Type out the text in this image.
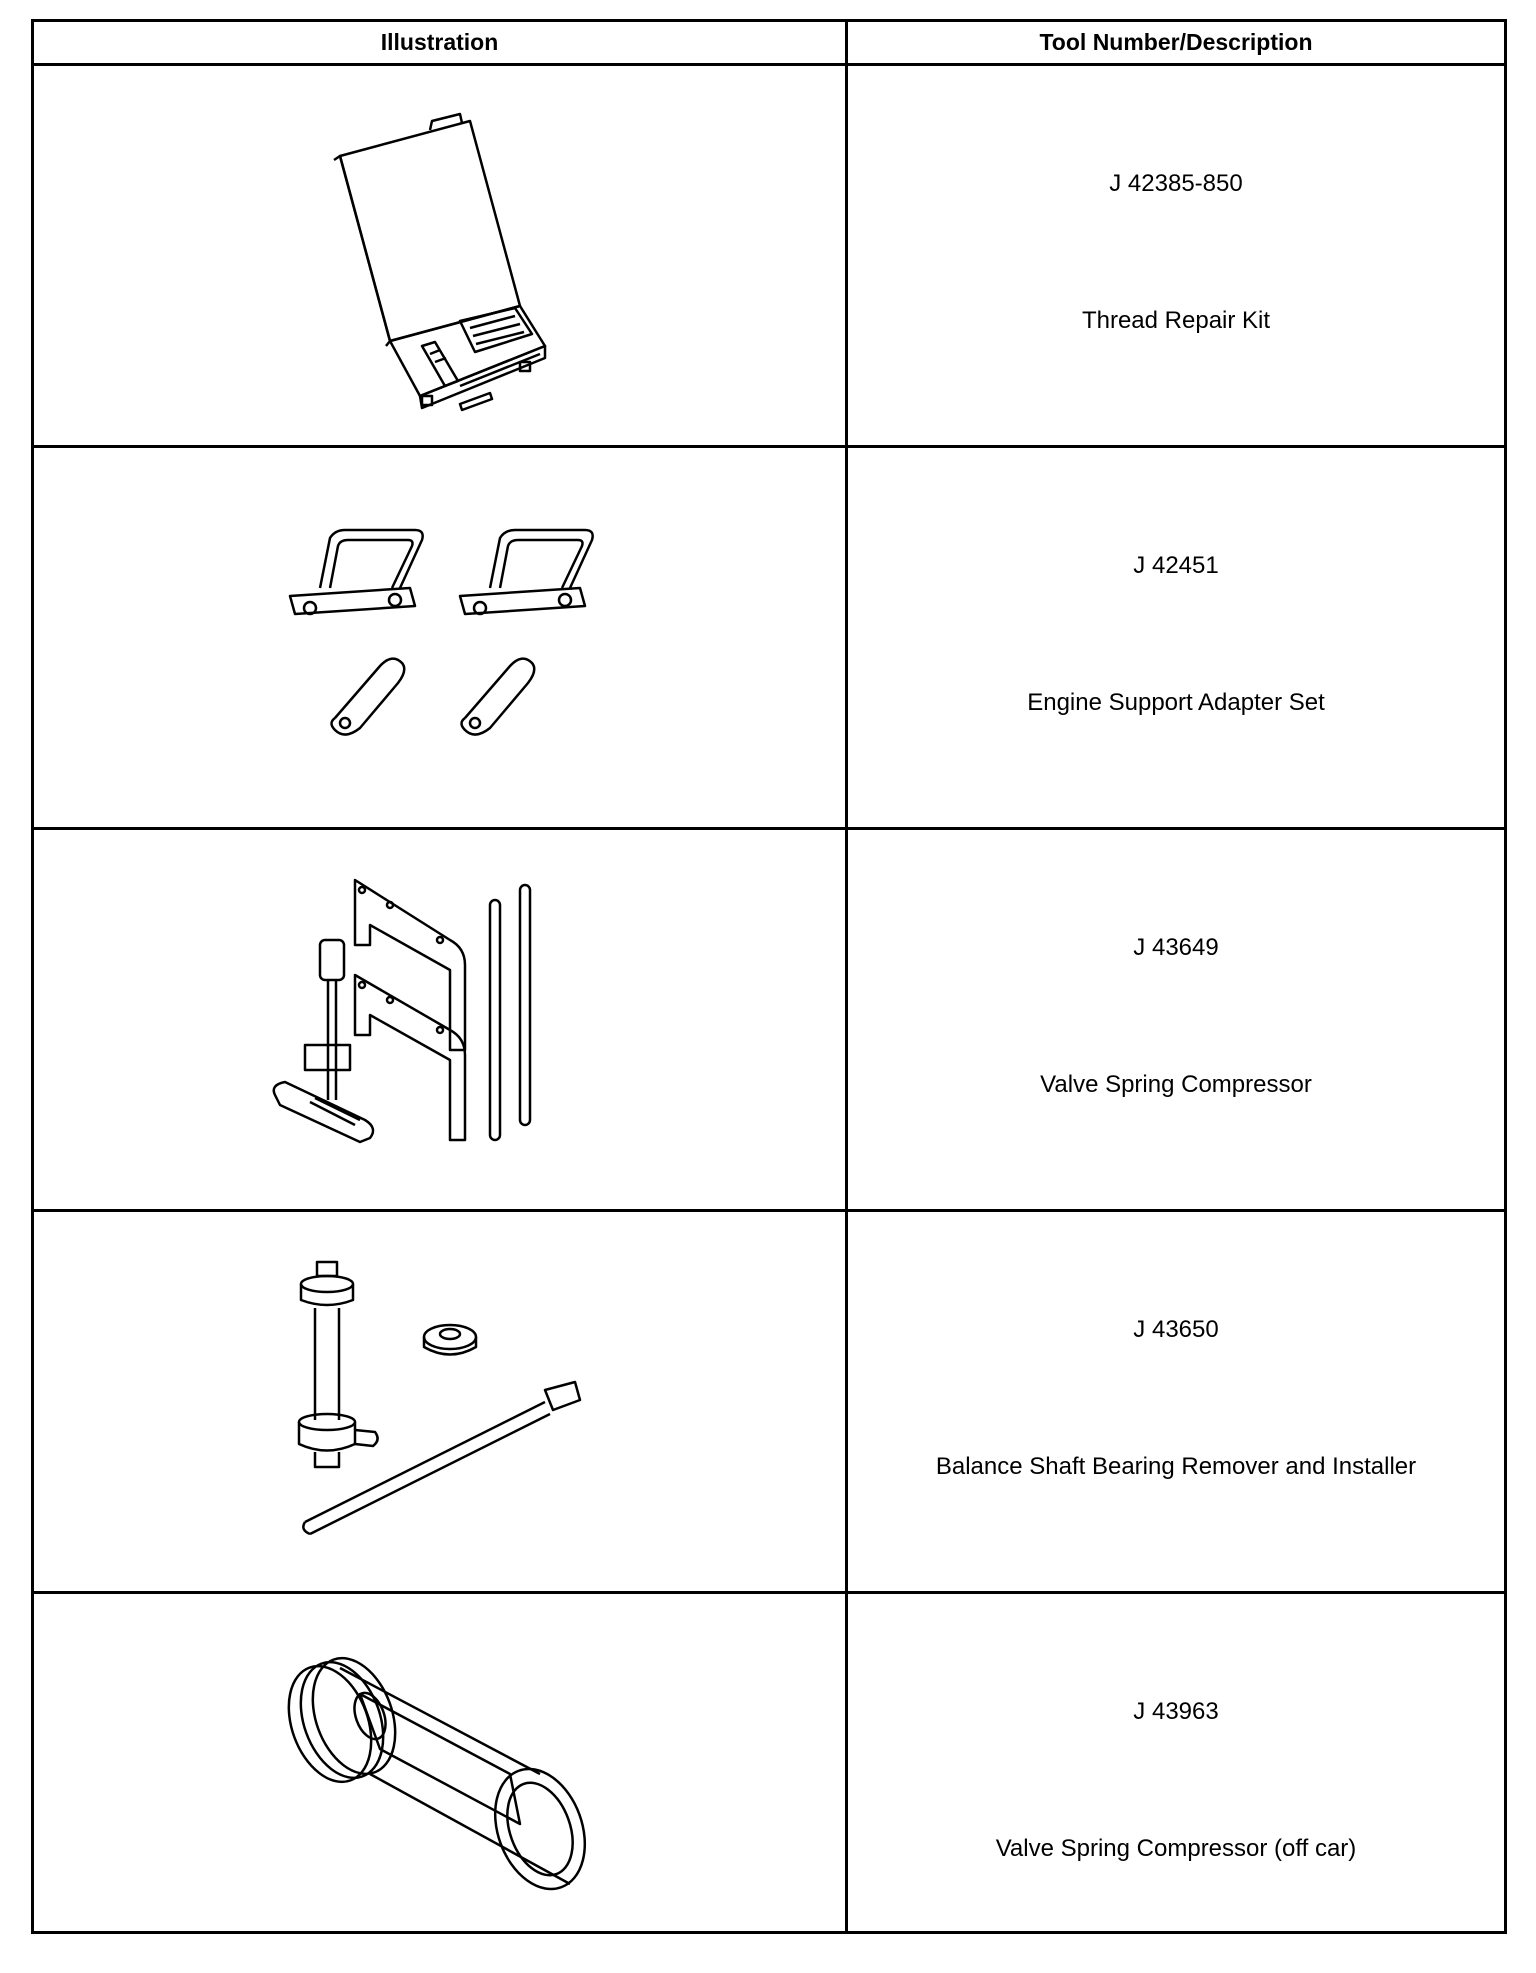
Illustration	Tool Number/Description
J 42385-850
Thread Repair Kit
J 42451
Engine Support Adapter Set
J 43649
Valve Spring Compressor
J 43650
Balance Shaft Bearing Remover and Installer
J 43963
Valve Spring Compressor (off car)
